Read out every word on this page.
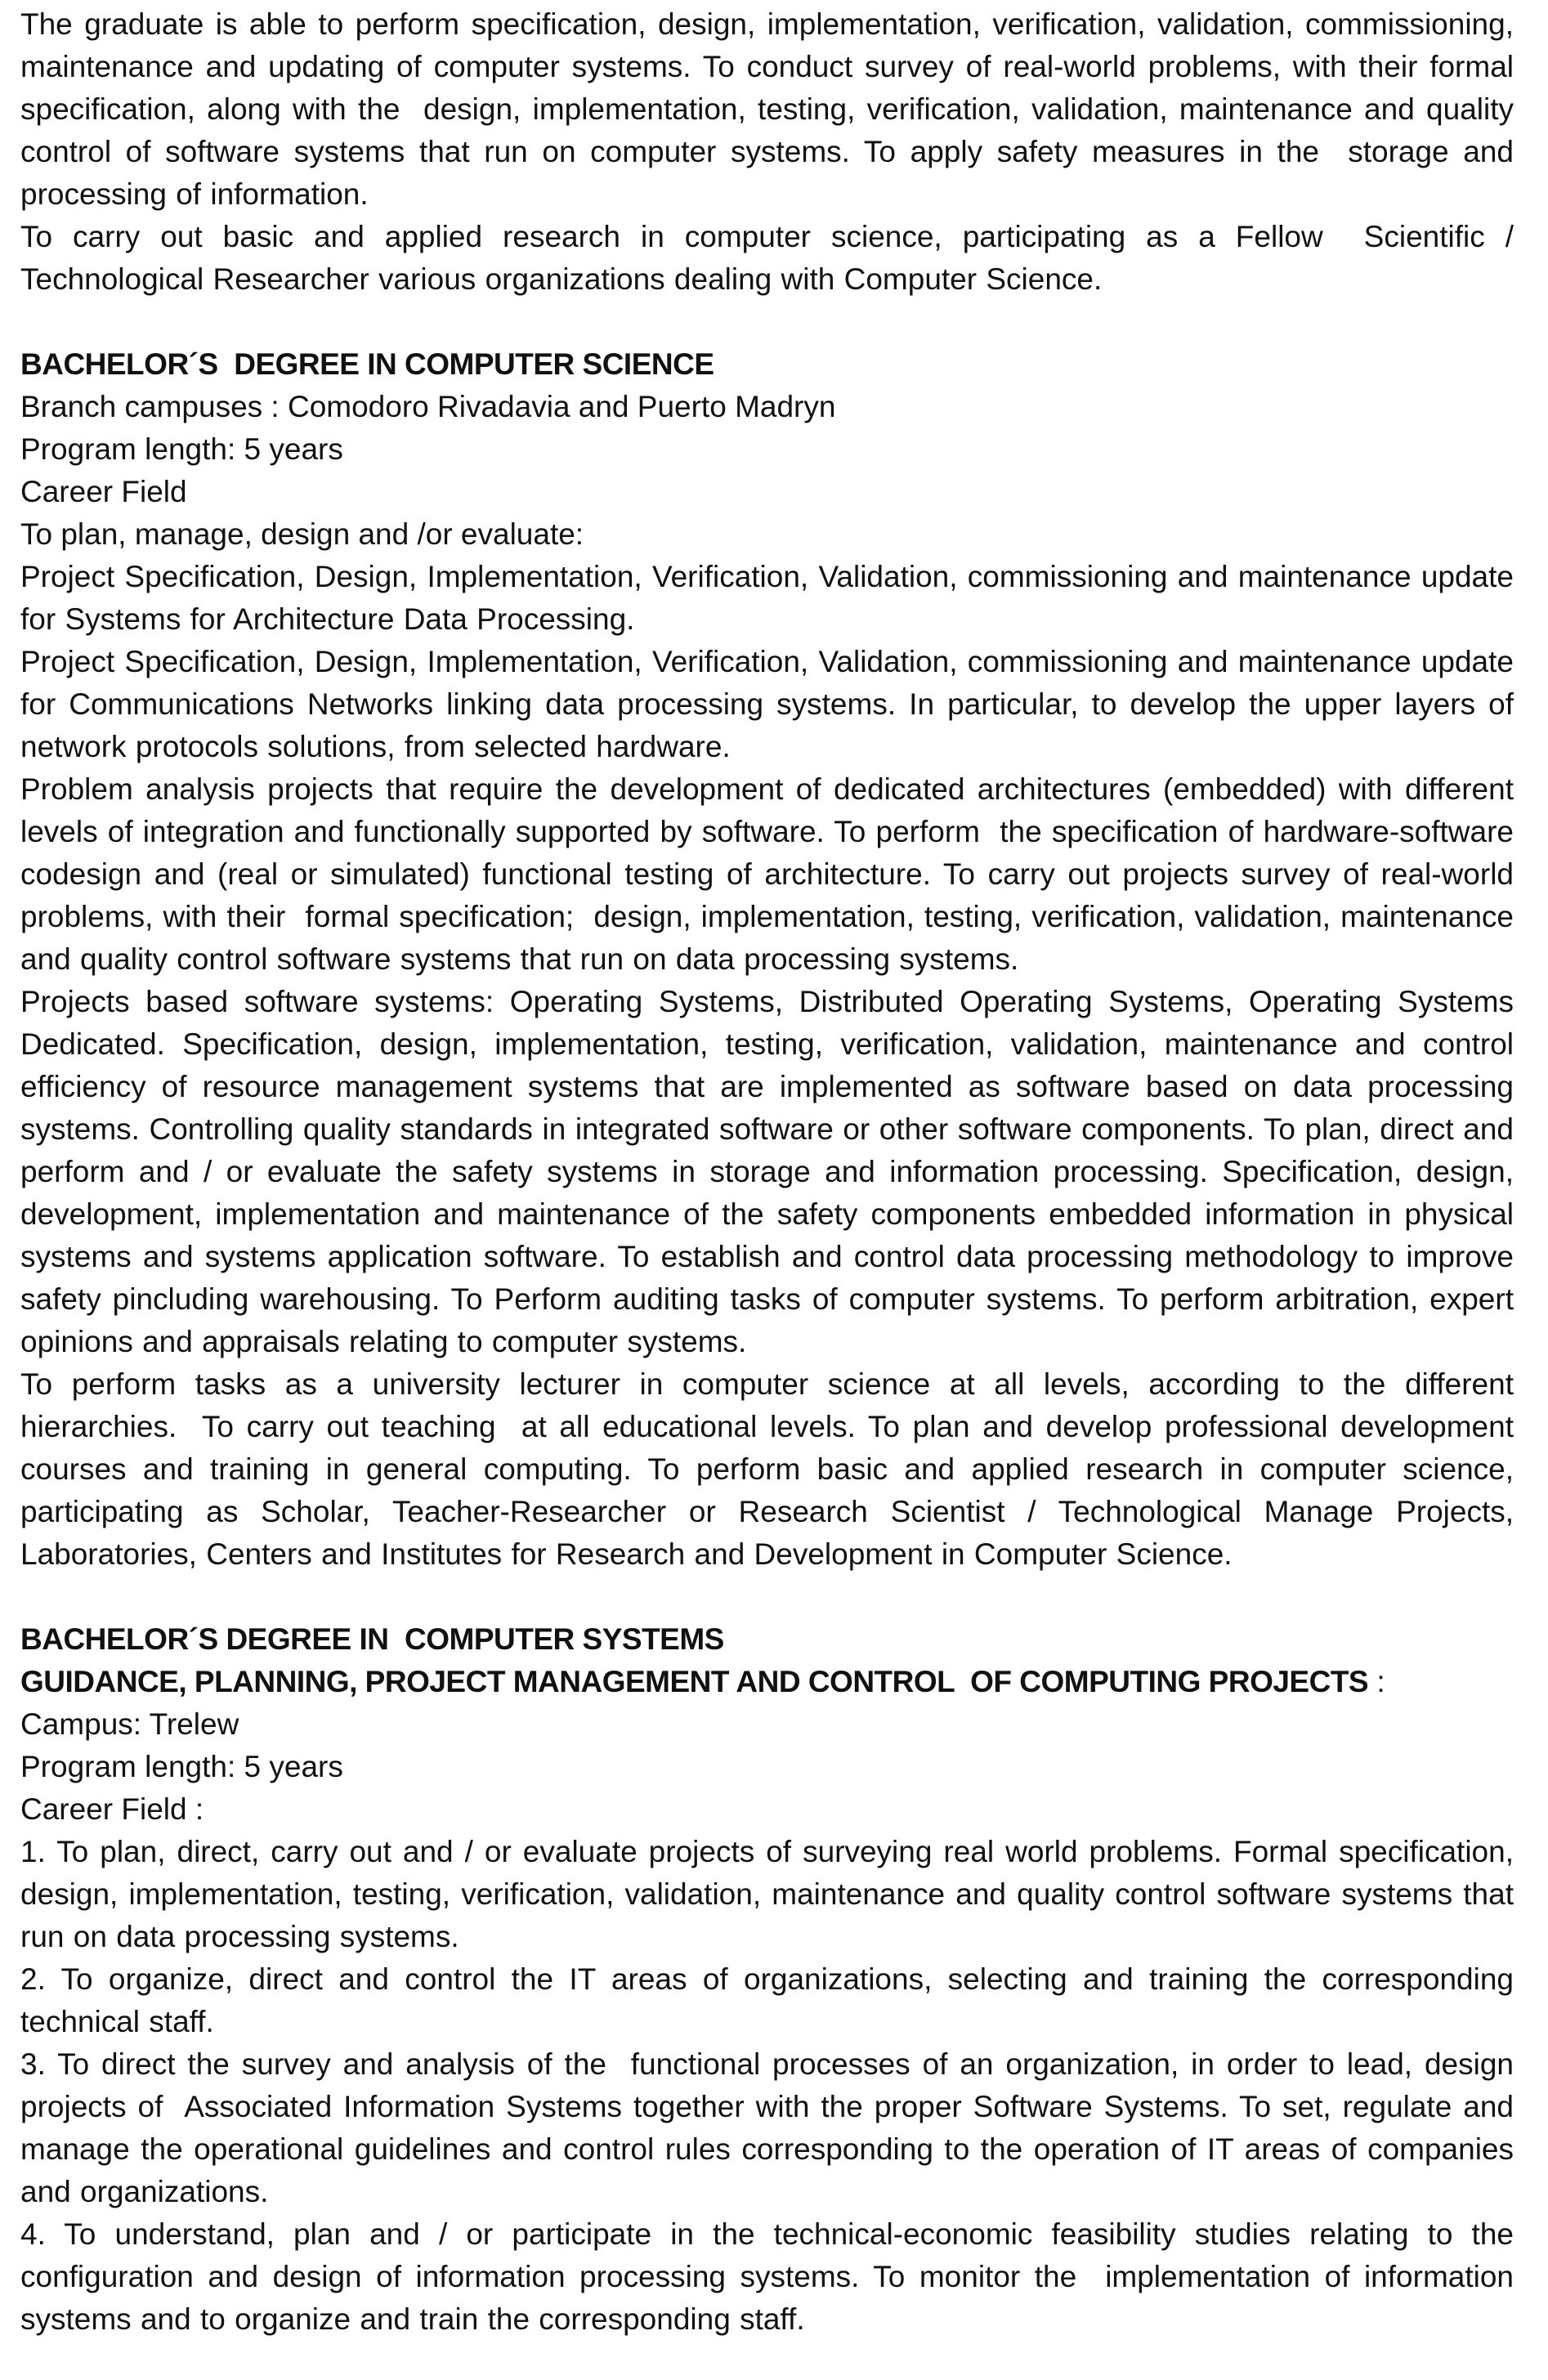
The graduate is able to perform specification, design, implementation, verification, validation, commissioning, maintenance and updating of computer systems. To conduct survey of real-world problems, with their formal specification, along with the  design, implementation, testing, verification, validation, maintenance and quality control of software systems that run on computer systems. To apply safety measures in the  storage and processing of information.

To carry out basic and applied research in computer science, participating as a Fellow  Scientific / Technological Researcher various organizations dealing with Computer Science.

BACHELOR´S  DEGREE IN COMPUTER SCIENCE

Branch campuses : Comodoro Rivadavia and Puerto Madryn

Program length: 5 years

Career Field

To plan, manage, design and /or evaluate:

Project Specification, Design, Implementation, Verification, Validation, commissioning and maintenance update for Systems for Architecture Data Processing.

Project Specification, Design, Implementation, Verification, Validation, commissioning and maintenance update for Communications Networks linking data processing systems. In particular, to develop the upper layers of network protocols solutions, from selected hardware.

Problem analysis projects that require the development of dedicated architectures (embedded) with different levels of integration and functionally supported by software. To perform  the specification of hardware-software codesign and (real or simulated) functional testing of architecture. To carry out projects survey of real-world problems, with their  formal specification;  design, implementation, testing, verification, validation, maintenance and quality control software systems that run on data processing systems.

Projects based software systems: Operating Systems, Distributed Operating Systems, Operating Systems Dedicated. Specification, design, implementation, testing, verification, validation, maintenance and control efficiency of resource management systems that are implemented as software based on data processing systems. Controlling quality standards in integrated software or other software components. To plan, direct and perform and / or evaluate the safety systems in storage and information processing. Specification, design, development, implementation and maintenance of the safety components embedded information in physical systems and systems application software. To establish and control data processing methodology to improve safety pincluding warehousing. To Perform auditing tasks of computer systems. To perform arbitration, expert opinions and appraisals relating to computer systems.

To perform tasks as a university lecturer in computer science at all levels, according to the different hierarchies.  To carry out teaching  at all educational levels. To plan and develop professional development courses and training in general computing. To perform basic and applied research in computer science, participating as Scholar, Teacher-Researcher or Research Scientist / Technological Manage Projects, Laboratories, Centers and Institutes for Research and Development in Computer Science.

BACHELOR´S DEGREE IN  COMPUTER SYSTEMS

GUIDANCE, PLANNING, PROJECT MANAGEMENT AND CONTROL  OF COMPUTING PROJECTS :

Campus: Trelew

Program length: 5 years

Career Field :

1. To plan, direct, carry out and / or evaluate projects of surveying real world problems. Formal specification, design, implementation, testing, verification, validation, maintenance and quality control software systems that run on data processing systems.

2. To organize, direct and control the IT areas of organizations, selecting and training the corresponding technical staff.

3. To direct the survey and analysis of the  functional processes of an organization, in order to lead, design projects of  Associated Information Systems together with the proper Software Systems. To set, regulate and  manage the operational guidelines and control rules corresponding to the operation of IT areas of companies and organizations.

4. To understand, plan and / or participate in the technical-economic feasibility studies relating to the configuration and design of information processing systems. To monitor the  implementation of information systems and to organize and train the corresponding staff.
